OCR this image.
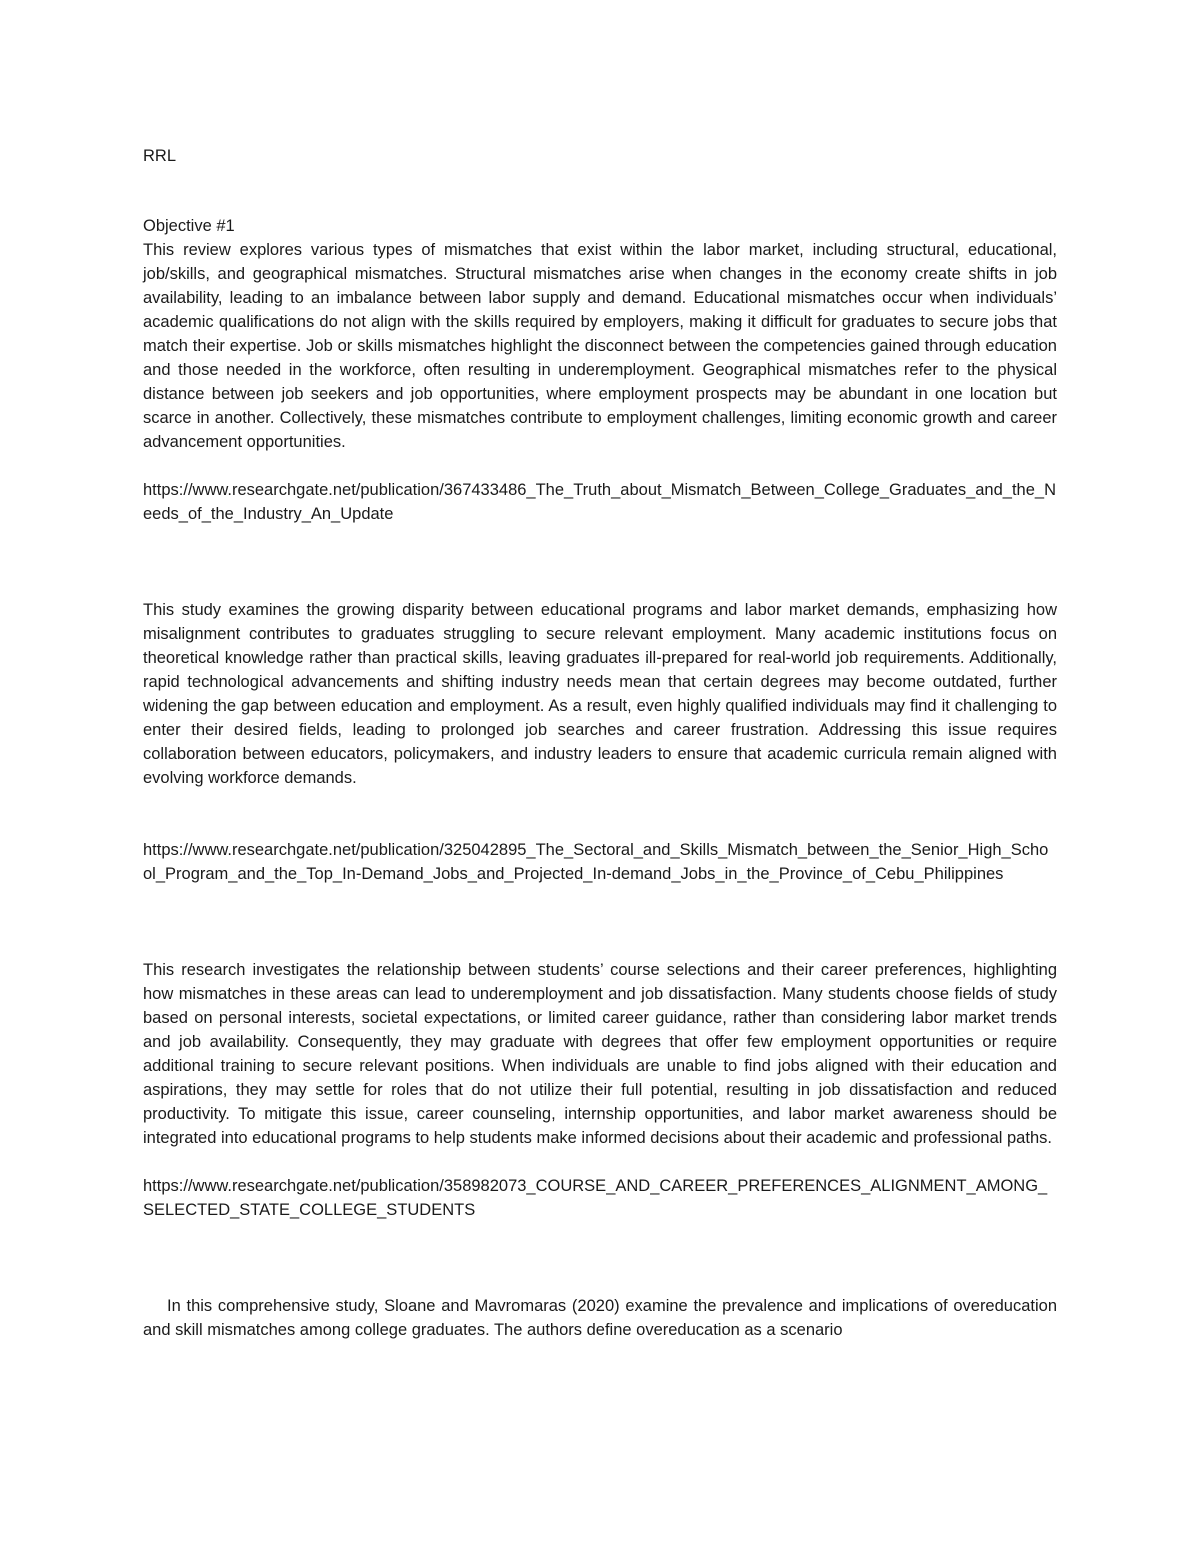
RRL
Objective #1

This review explores various types of mismatches that exist within the labor market, including structural, educational, job/skills, and geographical mismatches. Structural mismatches arise when changes in the economy create shifts in job availability, leading to an imbalance between labor supply and demand. Educational mismatches occur when individuals’ academic qualifications do not align with the skills required by employers, making it difficult for graduates to secure jobs that match their expertise. Job or skills mismatches highlight the disconnect between the competencies gained through education and those needed in the workforce, often resulting in underemployment. Geographical mismatches refer to the physical distance between job seekers and job opportunities, where employment prospects may be abundant in one location but scarce in another. Collectively, these mismatches contribute to employment challenges, limiting economic growth and career advancement opportunities.

https://www.researchgate.net/publication/367433486_The_Truth_about_Mismatch_Between_College_Graduates_and_the_Needs_of_the_Industry_An_Update

This study examines the growing disparity between educational programs and labor market demands, emphasizing how misalignment contributes to graduates struggling to secure relevant employment. Many academic institutions focus on theoretical knowledge rather than practical skills, leaving graduates ill-prepared for real-world job requirements. Additionally, rapid technological advancements and shifting industry needs mean that certain degrees may become outdated, further widening the gap between education and employment. As a result, even highly qualified individuals may find it challenging to enter their desired fields, leading to prolonged job searches and career frustration. Addressing this issue requires collaboration between educators, policymakers, and industry leaders to ensure that academic curricula remain aligned with evolving workforce demands.

https://www.researchgate.net/publication/325042895_The_Sectoral_and_Skills_Mismatch_between_the_Senior_High_School_Program_and_the_Top_In-Demand_Jobs_and_Projected_In-demand_Jobs_in_the_Province_of_Cebu_Philippines

This research investigates the relationship between students’ course selections and their career preferences, highlighting how mismatches in these areas can lead to underemployment and job dissatisfaction. Many students choose fields of study based on personal interests, societal expectations, or limited career guidance, rather than considering labor market trends and job availability. Consequently, they may graduate with degrees that offer few employment opportunities or require additional training to secure relevant positions. When individuals are unable to find jobs aligned with their education and aspirations, they may settle for roles that do not utilize their full potential, resulting in job dissatisfaction and reduced productivity. To mitigate this issue, career counseling, internship opportunities, and labor market awareness should be integrated into educational programs to help students make informed decisions about their academic and professional paths.

https://www.researchgate.net/publication/358982073_COURSE_AND_CAREER_PREFERENCES_ALIGNMENT_AMONG_SELECTED_STATE_COLLEGE_STUDENTS

In this comprehensive study, Sloane and Mavromaras (2020) examine the prevalence and implications of overeducation and skill mismatches among college graduates. The authors define overeducation as a scenario
